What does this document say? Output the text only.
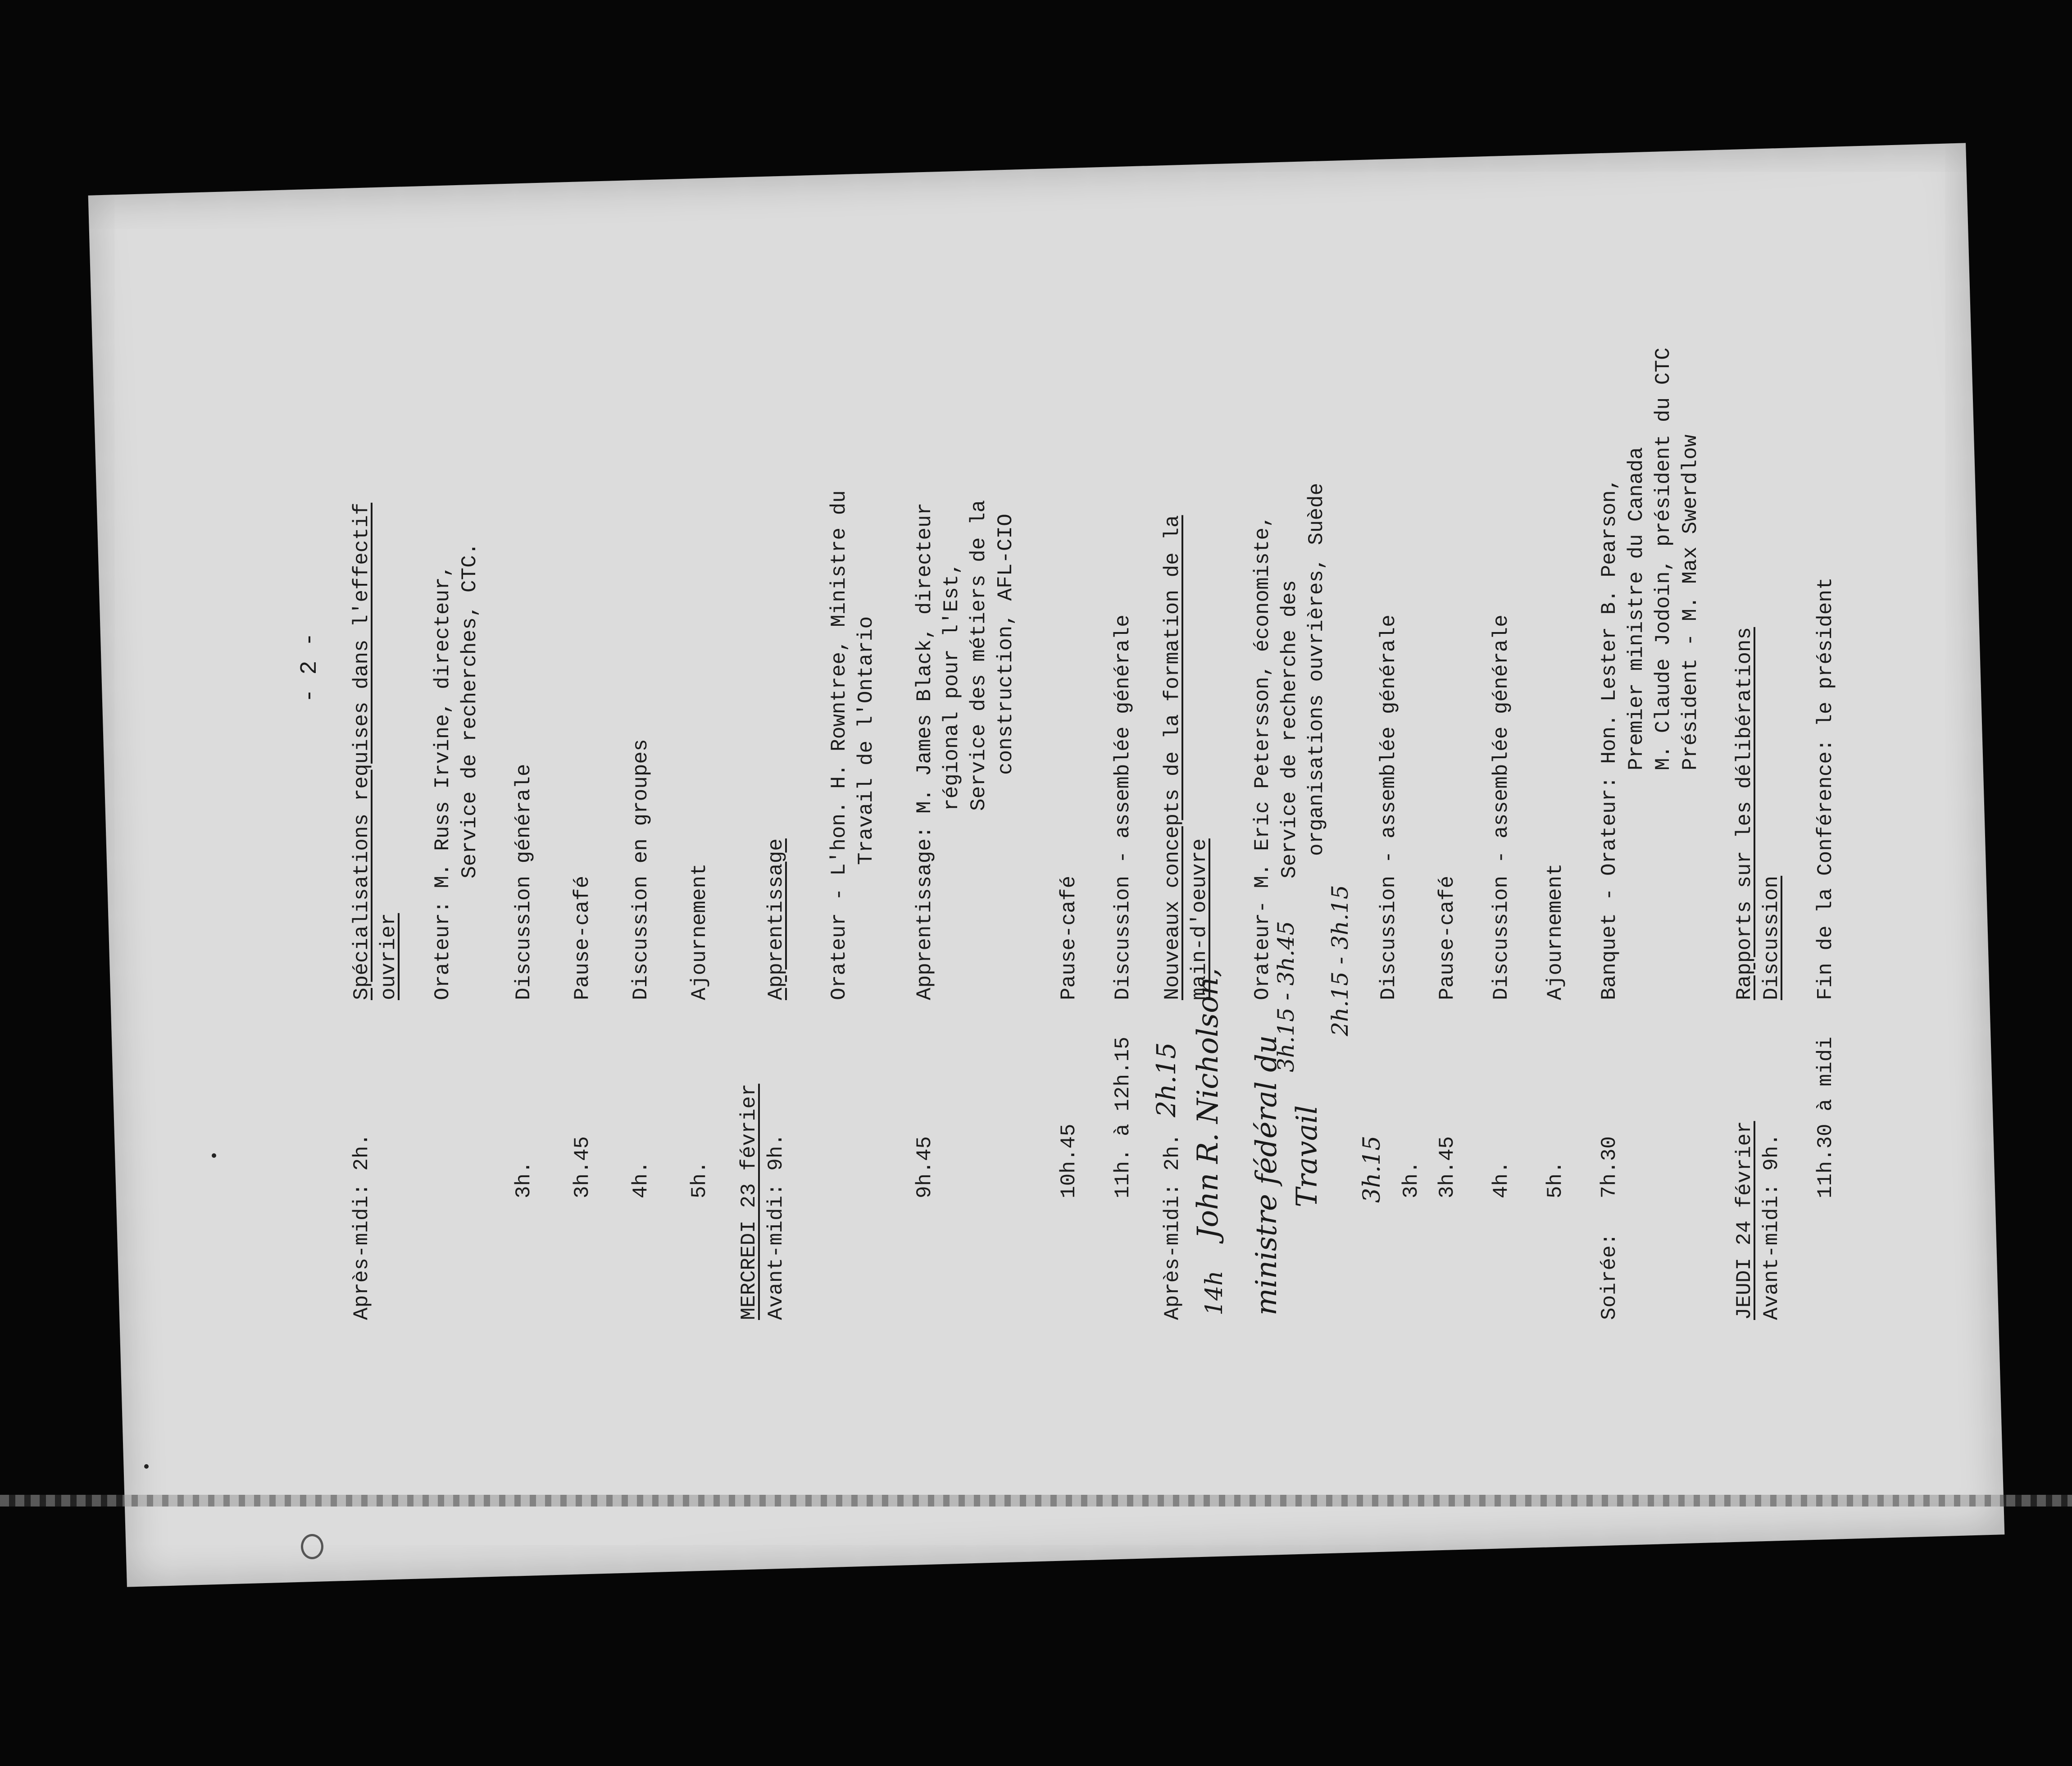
- 2 -
Après-midi: 2h.
Spécialisations requises dans l'effectif ouvrier Orateur: M. Russ Irvine, directeur, Service de recherches, CTC.
3h.
Discussion générale
3h.45
Pause-café
4h.
Discussion en groupes
5h.
Ajournement
MERCREDI 23 février Avant-midi: 9h.
Apprentissage Orateur - L'hon. H. Rowntree, Ministre du Travail de l'Ontario
9h.45
Apprentissage: M. James Black, directeur régional pour l'Est, Service des métiers de la construction, AFL-CIO
10h.45
Pause-café
11h. à 12h.15
Discussion - assemblée générale
Après-midi: 2h.
Nouveaux concepts de la formation de la main-d'oeuvre
2h.15
14h
John R. Nicholson, ministre fédéral du Travail
Orateur- M. Eric Petersson, économiste, Service de recherche des organisations ouvrières, Suède
3h.15 - 3h.45 2h.15 - 3h.15
3h.15 3h.
Discussion - assemblée générale
3h.45
Pause-café
4h.
Discussion - assemblée générale
5h.
Ajournement
Soirée:
7h.30
Banquet - Orateur: Hon. Lester B. Pearson, Premier ministre du Canada M. Claude Jodoin, président du CTC Président - M. Max Swerdlow
JEUDI 24 février Avant-midi: 9h.
Rapports sur les délibérations Discussion
11h.30 à midi
Fin de la Conférence: le président
